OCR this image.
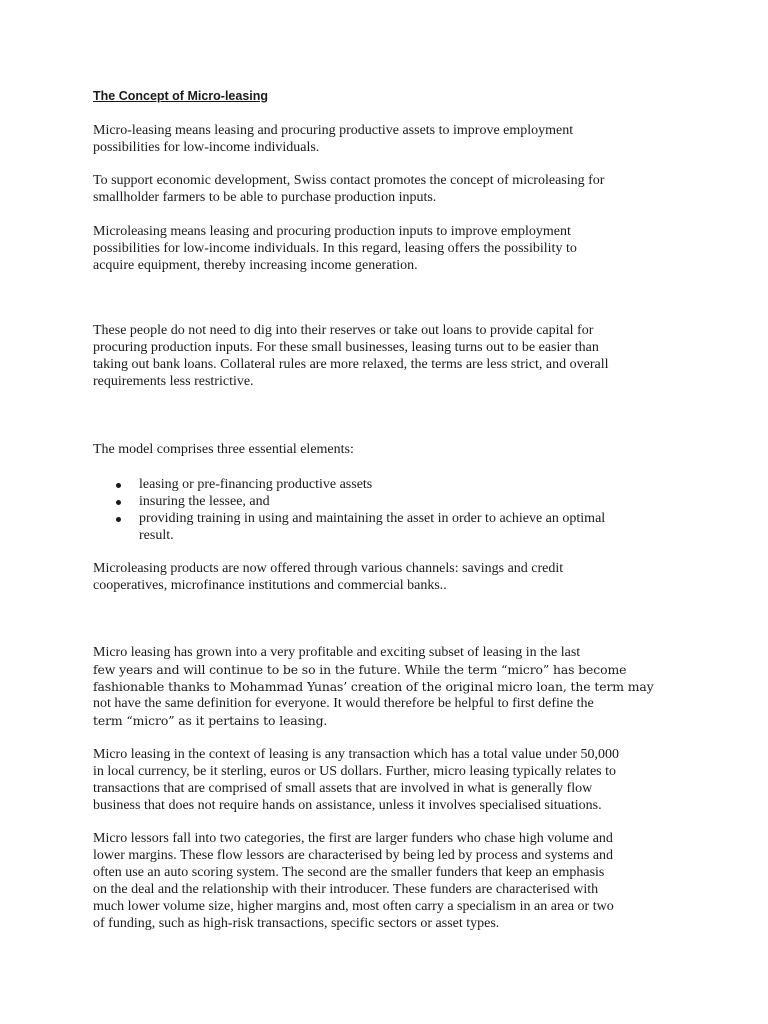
The Concept of Micro-leasing

Micro-leasing means leasing and procuring productive assets to improve employment
possibilities for low-income individuals.

To support economic development, Swiss contact promotes the concept of microleasing for
smallholder farmers to be able to purchase production inputs.

Microleasing means leasing and procuring production inputs to improve employment
possibilities for low-income individuals. In this regard, leasing offers the possibility to
acquire equipment, thereby increasing income generation.

These people do not need to dig into their reserves or take out loans to provide capital for
procuring production inputs. For these small businesses, leasing turns out to be easier than
taking out bank loans. Collateral rules are more relaxed, the terms are less strict, and overall
requirements less restrictive.

The model comprises three essential elements:

leasing or pre-financing productive assets
insuring the lessee, and
providing training in using and maintaining the asset in order to achieve an optimal
result.

Microleasing products are now offered through various channels: savings and credit
cooperatives, microfinance institutions and commercial banks..

Micro leasing has grown into a very profitable and exciting subset of leasing in the last
few years and will continue to be so in the future. While the term “micro” has become
fashionable thanks to Mohammad Yunas’ creation of the original micro loan, the term may
not have the same definition for everyone. It would therefore be helpful to first define the
term “micro” as it pertains to leasing.

Micro leasing in the context of leasing is any transaction which has a total value under 50,000
in local currency, be it sterling, euros or US dollars. Further, micro leasing typically relates to
transactions that are comprised of small assets that are involved in what is generally flow
business that does not require hands on assistance, unless it involves specialised situations.

Micro lessors fall into two categories, the first are larger funders who chase high volume and
lower margins. These flow lessors are characterised by being led by process and systems and
often use an auto scoring system. The second are the smaller funders that keep an emphasis
on the deal and the relationship with their introducer. These funders are characterised with
much lower volume size, higher margins and, most often carry a specialism in an area or two
of funding, such as high-risk transactions, specific sectors or asset types.
